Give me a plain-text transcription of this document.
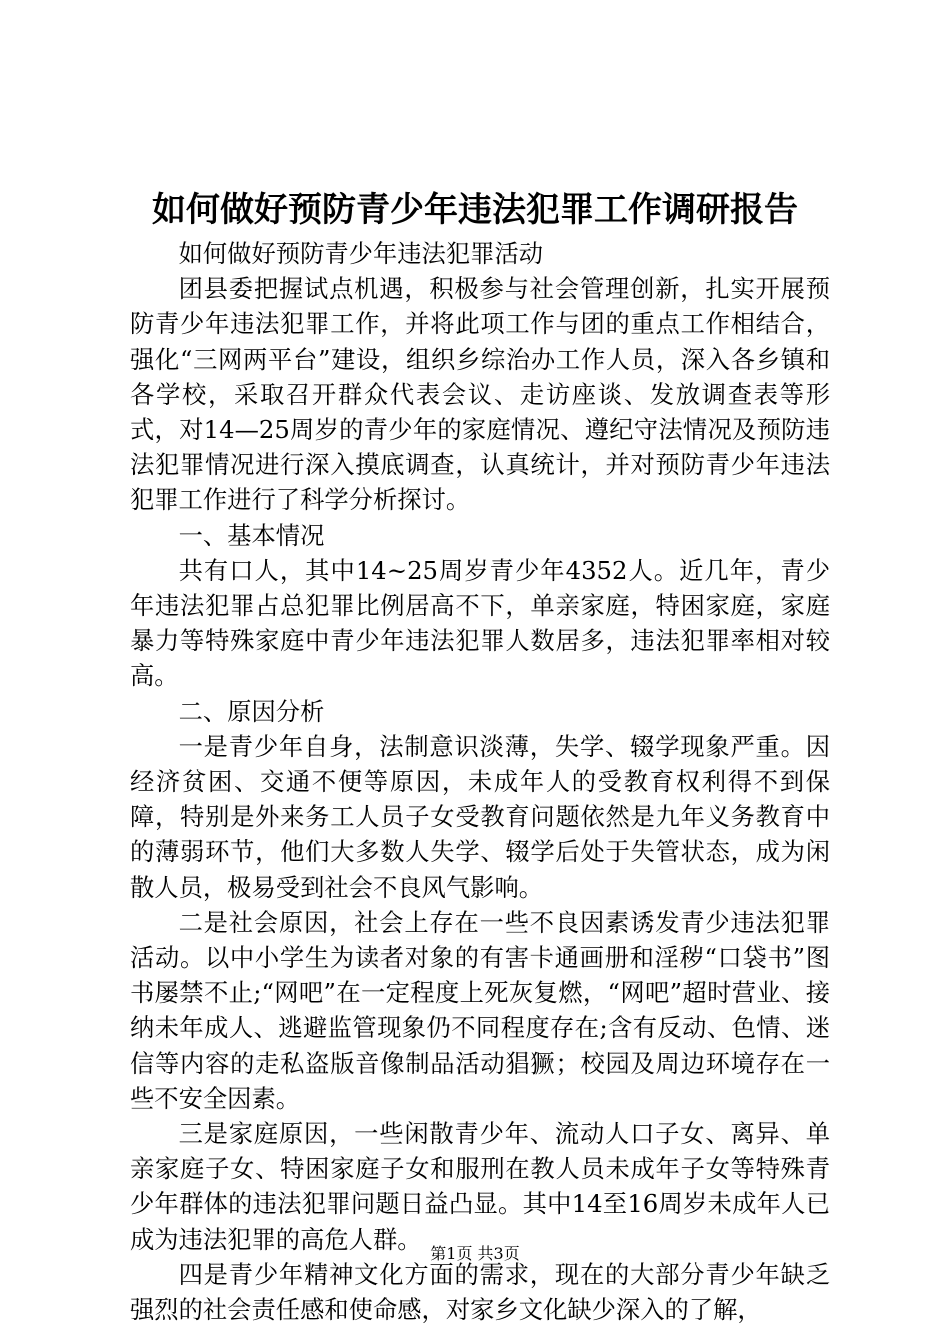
如何做好预防青少年违法犯罪工作调研报告

如何做好预防青少年违法犯罪活动

团县委把握试点机遇，积极参与社会管理创新，扎实开展预防青少年违法犯罪工作，并将此项工作与团的重点工作相结合，强化“三网两平台”建设，组织乡综治办工作人员，深入各乡镇和各学校，采取召开群众代表会议、走访座谈、发放调查表等形式，对14—25周岁的青少年的家庭情况、遵纪守法情况及预防违法犯罪情况进行深入摸底调查，认真统计，并对预防青少年违法犯罪工作进行了科学分析探讨。

一、基本情况

共有口人，其中14~25周岁青少年4352人。近几年，青少年违法犯罪占总犯罪比例居高不下，单亲家庭，特困家庭，家庭暴力等特殊家庭中青少年违法犯罪人数居多，违法犯罪率相对较高。

二、原因分析

一是青少年自身，法制意识淡薄，失学、辍学现象严重。因经济贫困、交通不便等原因，未成年人的受教育权利得不到保障，特别是外来务工人员子女受教育问题依然是九年义务教育中的薄弱环节，他们大多数人失学、辍学后处于失管状态，成为闲散人员，极易受到社会不良风气影响。

二是社会原因，社会上存在一些不良因素诱发青少违法犯罪活动。以中小学生为读者对象的有害卡通画册和淫秽“口袋书”图书屡禁不止;“网吧”在一定程度上死灰复燃，“网吧”超时营业、接纳未年成人、逃避监管现象仍不同程度存在;含有反动、色情、迷信等内容的走私盗版音像制品活动猖獗；校园及周边环境存在一些不安全因素。

三是家庭原因，一些闲散青少年、流动人口子女、离异、单亲家庭子女、特困家庭子女和服刑在教人员未成年子女等特殊青少年群体的违法犯罪问题日益凸显。其中14至16周岁未成年人已成为违法犯罪的高危人群。

四是青少年精神文化方面的需求，现在的大部分青少年缺乏强烈的社会责任感和使命感，对家乡文化缺少深入的了解，

第1页 共3页
